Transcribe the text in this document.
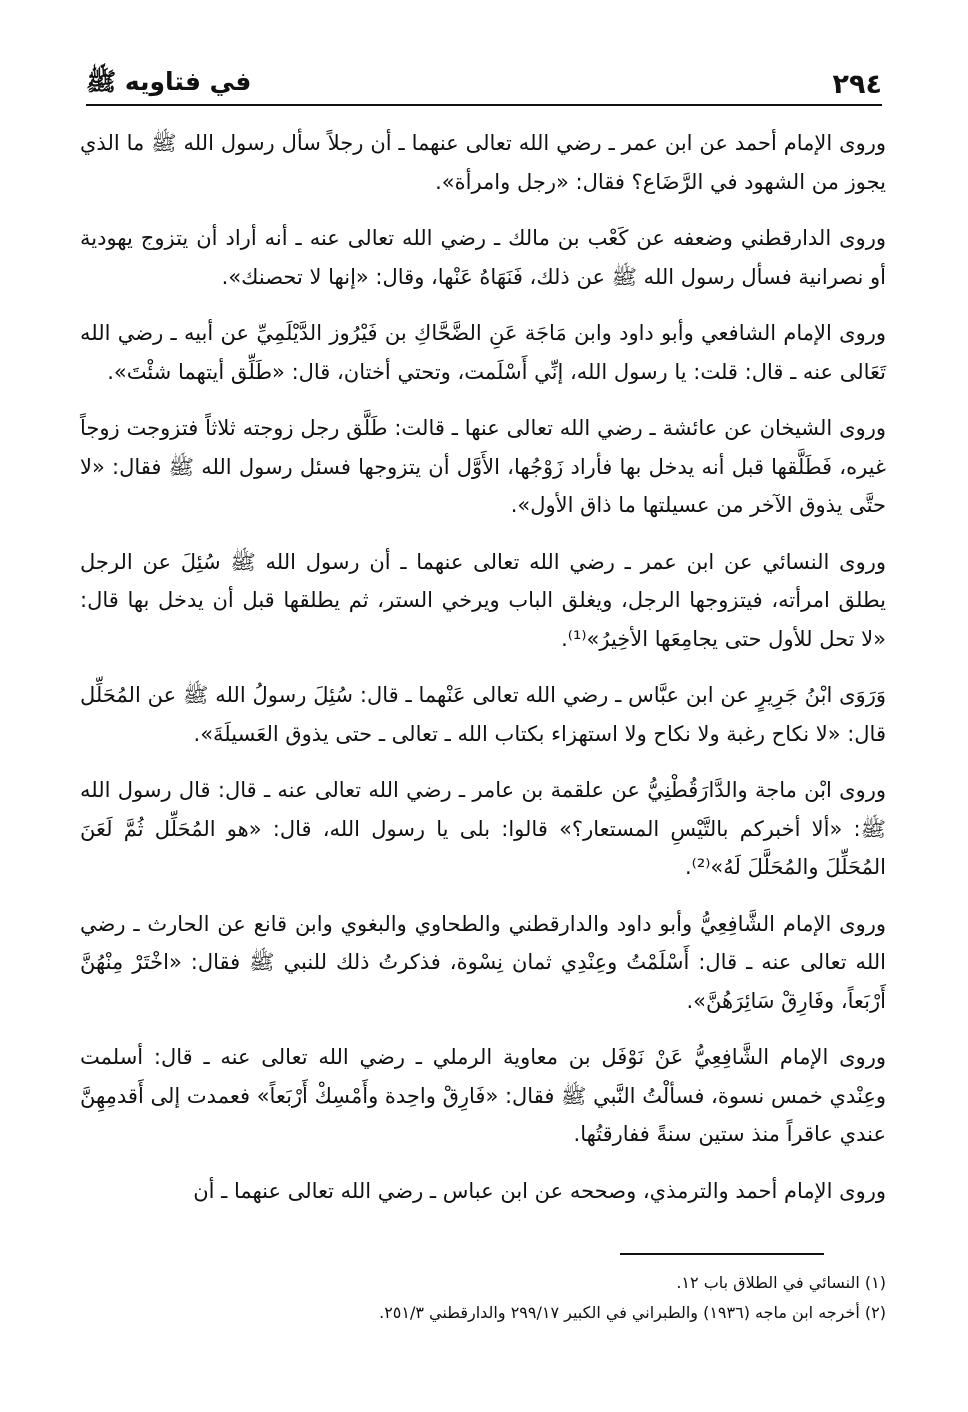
٢٩٤
في فتاويه ﷺ

وروى الإمام أحمد عن ابن عمر ـ رضي الله تعالى عنهما ـ أن رجلاً سأل رسول الله ﷺ ما الذي يجوز من الشهود في الرَّضَاع؟ فقال: «رجل وامرأة».

وروى الدارقطني وضعفه عن كَعْب بن مالك ـ رضي الله تعالى عنه ـ أنه أراد أن يتزوج يهودية أو نصرانية فسأل رسول الله ﷺ عن ذلك، فَنَهَاهُ عَنْها، وقال: «إنها لا تحصنك».

وروى الإمام الشافعي وأبو داود وابن مَاجَة عَنِ الضَّحَّاكِ بن فَيْرُوز الدَّيْلَمِيِّ عن أبيه ـ رضي الله تَعَالى عنه ـ قال: قلت: يا رسول الله، إنِّي أَسْلَمت، وتحتي أختان، قال: «طَلِّق أيتهما شئْتَ».

وروى الشيخان عن عائشة ـ رضي الله تعالى عنها ـ قالت: طَلَّق رجل زوجته ثلاثاً فتزوجت زوجاً غيره، فَطَلَّقها قبل أنه يدخل بها فأراد زَوْجُها، الأَوَّل أن يتزوجها فسئل رسول الله ﷺ فقال: «لا حتَّى يذوق الآخر من عسيلتها ما ذاق الأول».

وروى النسائي عن ابن عمر ـ رضي الله تعالى عنهما ـ أن رسول الله ﷺ سُئِلَ عن الرجل يطلق امرأته، فيتزوجها الرجل، ويغلق الباب ويرخي الستر، ثم يطلقها قبل أن يدخل بها قال: «لا تحل للأول حتى يجامِعَها الأخِيرُ»⁽¹⁾.

وَرَوَى ابْنُ جَرِيرٍ عن ابن عبَّاس ـ رضي الله تعالى عَنْهما ـ قال: سُئِلَ رسولُ الله ﷺ عن المُحَلِّل قال: «لا نكاح رغبة ولا نكاح ولا استهزاء بكتاب الله ـ تعالى ـ حتى يذوق العَسيلَةَ».

وروى ابْن ماجة والدَّارَقُطْنِيُّ عن علقمة بن عامر ـ رضي الله تعالى عنه ـ قال: قال رسول الله ﷺ: «ألا أخبركم بالتَّيْسِ المستعار؟» قالوا: بلى يا رسول الله، قال: «هو المُحَلِّل ثُمَّ لَعَنَ المُحَلِّلَ والمُحَلَّلَ لَهُ»⁽²⁾.

وروى الإمام الشَّافِعِيُّ وأبو داود والدارقطني والطحاوي والبغوي وابن قانع عن الحارث ـ رضي الله تعالى عنه ـ قال: أَسْلَمْتُ وعِنْدِي ثمان نِسْوة، فذكرتُ ذلك للنبي ﷺ فقال: «اخْتَرْ مِنْهُنَّ أَرْبَعاً، وفَارِقْ سَائِرَهُنَّ».

وروى الإمام الشَّافِعِيُّ عَنْ نَوْفَل بن معاوية الرملي ـ رضي الله تعالى عنه ـ قال: أسلمت وعِنْدي خمس نسوة، فسألْتُ النَّبي ﷺ فقال: «فَارِقْ واحِدة وأَمْسِكْ أَرْبَعاً» فعمدت إلى أَقدمِهِنَّ عندي عاقراً منذ ستين سنةً ففارقتُها.

وروى الإمام أحمد والترمذي، وصححه عن ابن عباس ـ رضي الله تعالى عنهما ـ أن

(١) النسائي في الطلاق باب ١٢.

(٢) أخرجه ابن ماجه (١٩٣٦) والطبراني في الكبير ٢٩٩/١٧ والدارقطني ٢٥١/٣.
